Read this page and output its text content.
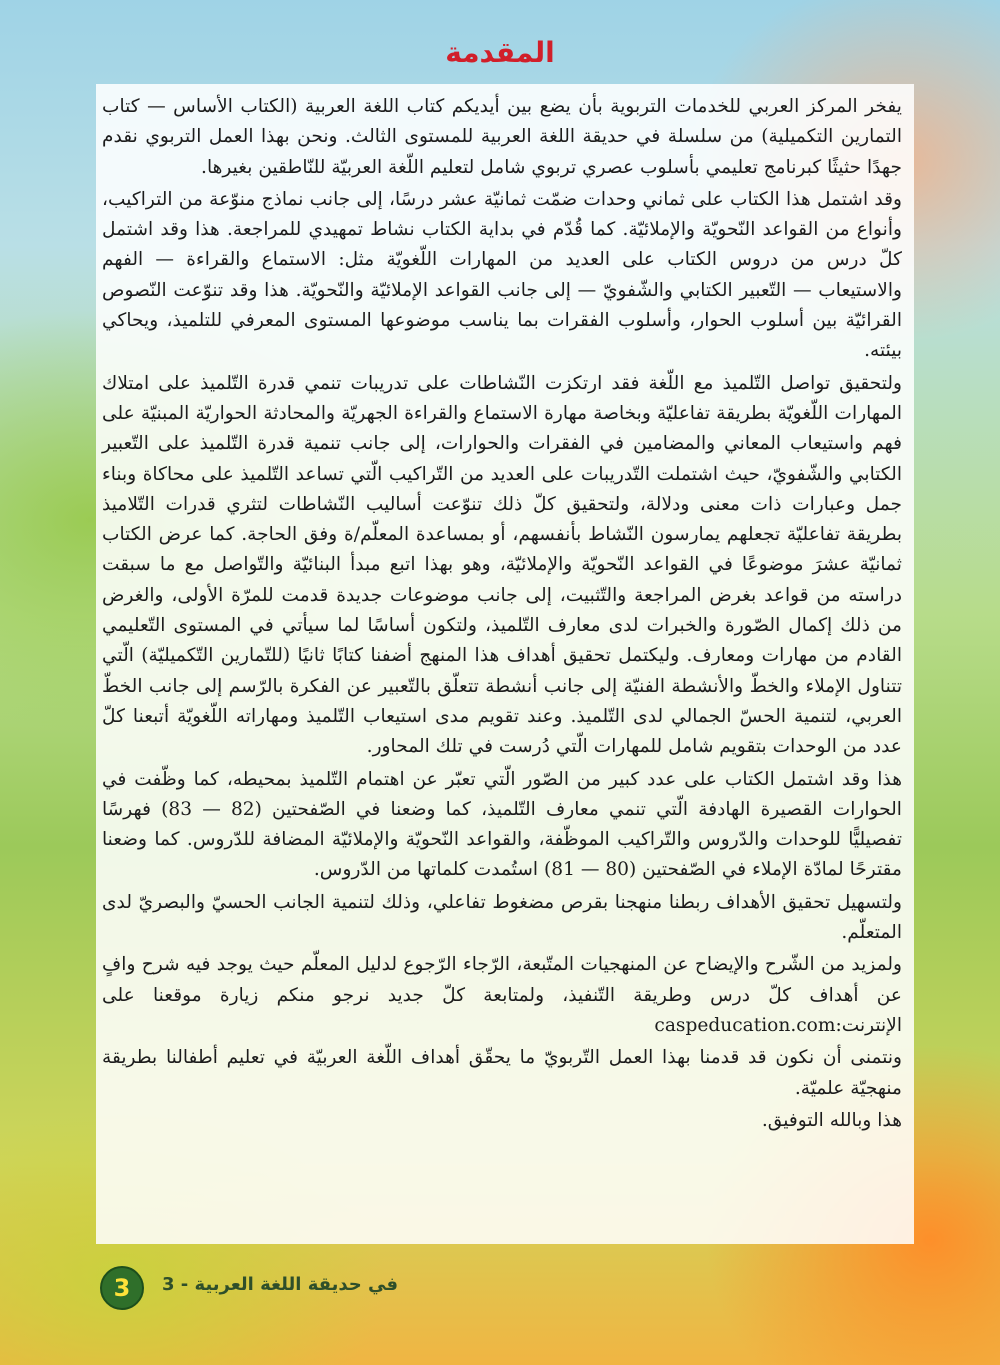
المقدمة

يفخر المركز العربي للخدمات التربوية بأن يضع بين أيديكم كتاب اللغة العربية (الكتاب الأساس — كتاب التمارين التكميلية) من سلسلة في حديقة اللغة العربية للمستوى الثالث. ونحن بهذا العمل التربوي نقدم جهدًا حثيثًا كبرنامج تعليمي بأسلوب عصري تربوي شامل لتعليم اللّغة العربيّة للنّاطقين بغيرها.

وقد اشتمل هذا الكتاب على ثماني وحدات ضمّت ثمانيّة عشر درسًا، إلى جانب نماذج منوّعة من التراكيب، وأنواع من القواعد النّحويّة والإملائيّة. كما قُدّم في بداية الكتاب نشاط تمهيدي للمراجعة. هذا وقد اشتمل كلّ درس من دروس الكتاب على العديد من المهارات اللّغويّة مثل: الاستماع والقراءة — الفهم والاستيعاب — التّعبير الكتابي والشّفويّ — إلى جانب القواعد الإملائيّة والنّحويّة. هذا وقد تنوّعت النّصوص القرائيّة بين أسلوب الحوار، وأسلوب الفقرات بما يناسب موضوعها المستوى المعرفي للتلميذ، ويحاكي بيئته.

ولتحقيق تواصل التّلميذ مع اللّغة فقد ارتكزت النّشاطات على تدريبات تنمي قدرة التّلميذ على امتلاك المهارات اللّغويّة بطريقة تفاعليّة وبخاصة مهارة الاستماع والقراءة الجهريّة والمحادثة الحواريّة المبنيّة على فهم واستيعاب المعاني والمضامين في الفقرات والحوارات، إلى جانب تنمية قدرة التّلميذ على التّعبير الكتابي والشّفويّ، حيث اشتملت التّدريبات على العديد من التّراكيب الّتي تساعد التّلميذ على محاكاة وبناء جمل وعبارات ذات معنى ودلالة، ولتحقيق كلّ ذلك تنوّعت أساليب النّشاطات لتثري قدرات التّلاميذ بطريقة تفاعليّة تجعلهم يمارسون النّشاط بأنفسهم، أو بمساعدة المعلّم/ة وفق الحاجة. كما عرض الكتاب ثمانيّة عشرَ موضوعًا في القواعد النّحويّة والإملائيّة، وهو بهذا اتبع مبدأ البنائيّة والتّواصل مع ما سبقت دراسته من قواعد بغرض المراجعة والتّثبيت، إلى جانب موضوعات جديدة قدمت للمرّة الأولى، والغرض من ذلك إكمال الصّورة والخبرات لدى معارف التّلميذ، ولتكون أساسًا لما سيأتي في المستوى التّعليمي القادم من مهارات ومعارف. وليكتمل تحقيق أهداف هذا المنهج أضفنا كتابًا ثانيًا (للتّمارين التّكميليّة) الّتي تتناول الإملاء والخطّ والأنشطة الفنيّة إلى جانب أنشطة تتعلّق بالتّعبير عن الفكرة بالرّسم إلى جانب الخطّ العربي، لتنمية الحسّ الجمالي لدى التّلميذ. وعند تقويم مدى استيعاب التّلميذ ومهاراته اللّغويّة أتبعنا كلّ عدد من الوحدات بتقويم شامل للمهارات الّتي دُرست في تلك المحاور.

هذا وقد اشتمل الكتاب على عدد كبير من الصّور الّتي تعبّر عن اهتمام التّلميذ بمحيطه، كما وظّفت في الحوارات القصيرة الهادفة الّتي تنمي معارف التّلميذ، كما وضعنا في الصّفحتين (82 — 83) فهرسًا تفصيليًّا للوحدات والدّروس والتّراكيب الموظّفة، والقواعد النّحويّة والإملائيّة المضافة للدّروس. كما وضعنا مقترحًا لمادّة الإملاء في الصّفحتين (80 — 81) استُمدت كلماتها من الدّروس.

ولتسهيل تحقيق الأهداف ربطنا منهجنا بقرص مضغوط تفاعلي، وذلك لتنمية الجانب الحسيّ والبصريّ لدى المتعلّم.

ولمزيد من الشّرح والإيضاح عن المنهجيات المتّبعة، الرّجاء الرّجوع لدليل المعلّم حيث يوجد فيه شرح وافٍ عن أهداف كلّ درس وطريقة التّنفيذ، ولمتابعة كلّ جديد نرجو منكم زيارة موقعنا على الإنترنت:caspeducation.com

ونتمنى أن نكون قد قدمنا بهذا العمل التّربويّ ما يحقّق أهداف اللّغة العربيّة في تعليم أطفالنا بطريقة منهجيّة علميّة.

هذا وبالله التوفيق.

3	في حديقة اللغة العربية - 3
